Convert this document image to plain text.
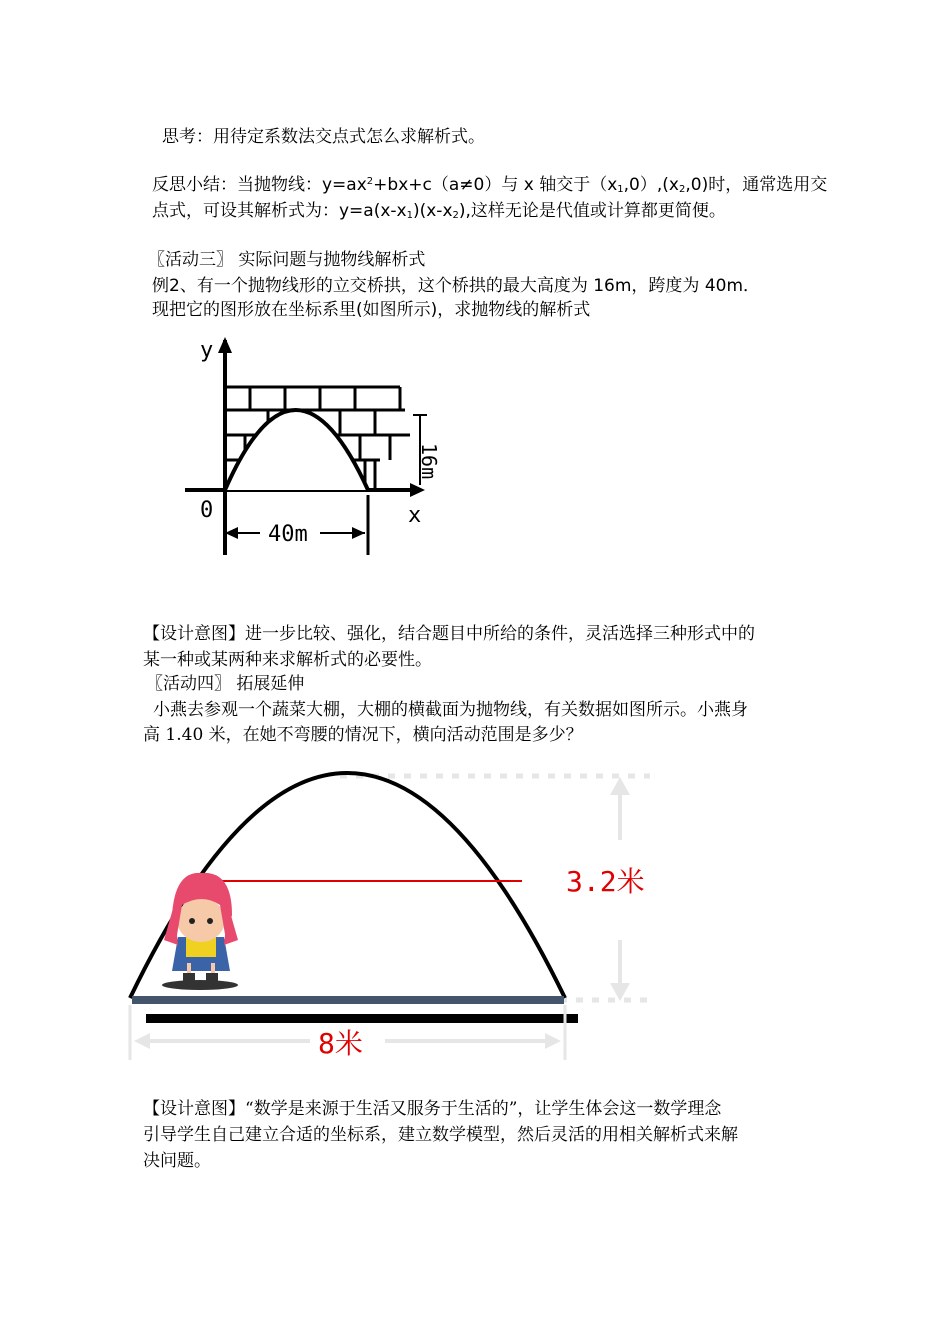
思考：用待定系数法交点式怎么求解析式。
反思小结：当抛物线：$y=ax^2+bx+c(a\ne 0)$与 x 轴交于$(x_1,0),(x_2,0)$时，通常选用交
点式，可设其解析式为：$y=a(x-x_1)(x-x_2)$,这样无论是代值或计算都更简便。
〖活动三〗 实际问题与抛物线解析式
例2、有一个抛物线形的立交桥拱，这个桥拱的最大高度为 16m，跨度为 40m．
现把它的图形放在坐标系里(如图所示)，求抛物线的解析式
16m
y
x
0
40m
【设计意图】进一步比较、强化，结合题目中所给的条件，灵活选择三种形式中的
某一种或某两种来求解析式的必要性。
〖活动四〗 拓展延伸
小燕去参观一个蔬菜大棚，大棚的横截面为抛物线，有关数据如图所示。小燕身
高 1.40 米，在她不弯腰的情况下，横向活动范围是多少？
3.2米
8米
【设计意图】“数学是来源于生活又服务于生活的”，让学生体会这一数学理念
引导学生自己建立合适的坐标系，建立数学模型，然后灵活的用相关解析式来解
决问题。
